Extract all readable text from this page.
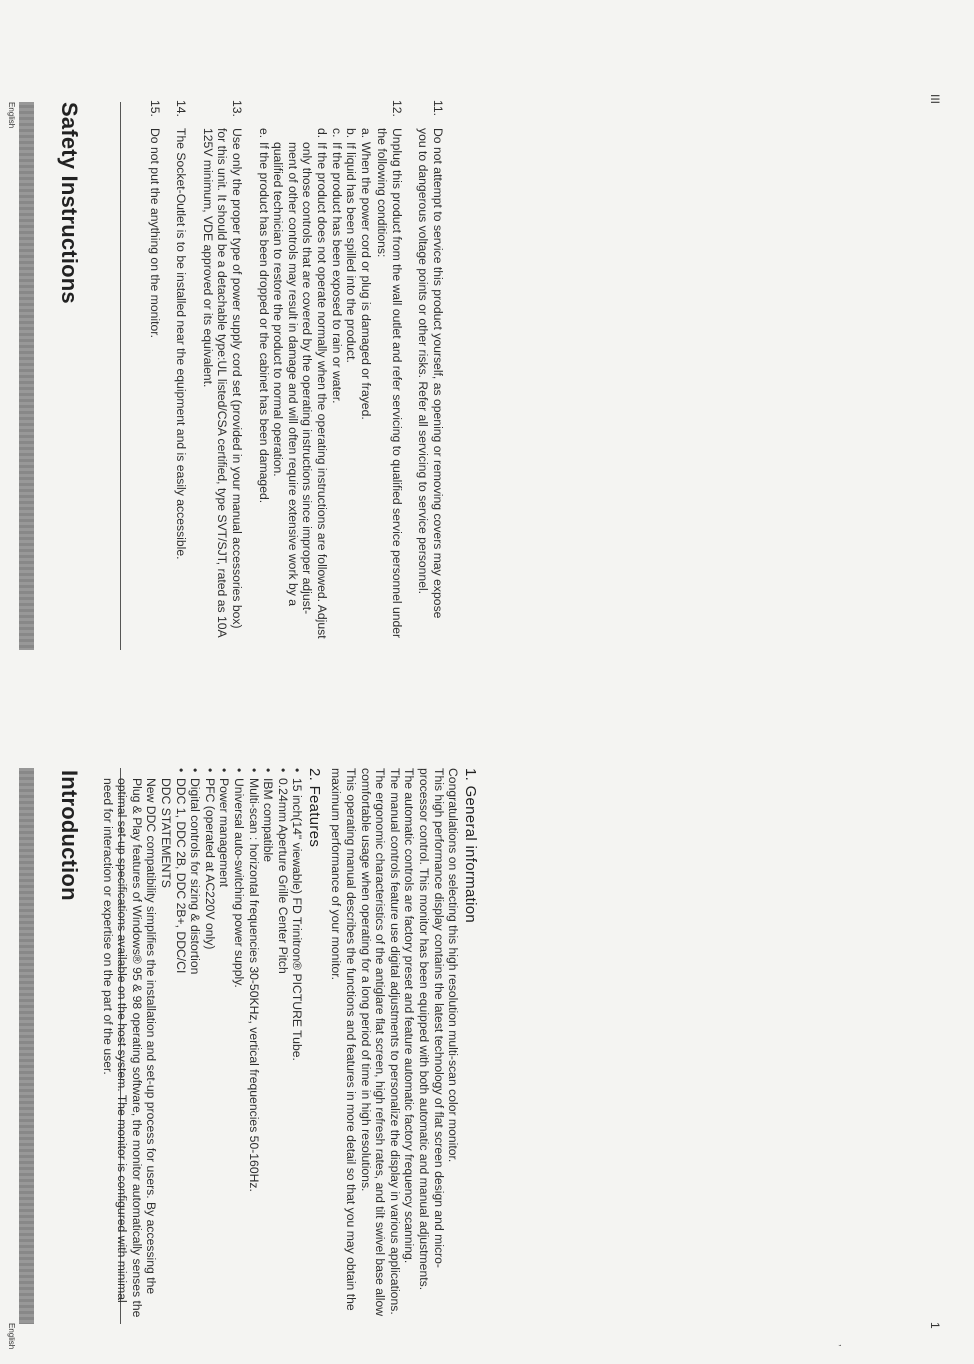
English Safety Instructions	11.
Do not attempt to service this product yourself, as opening or removing covers may expose you to dangerous voltage points or other risks. Refer all servicing to service personnel.
12.
Unplug this product from the wall outlet and refer servicing to qualified service personnel under the following conditions:
a.
When the power cord or plug is damaged or frayed.
b.
If liquid has been spilled into the product.
c.
If the product has been exposed to rain or water.
d.
If the product does not operate normally when the operating instructions are followed. Adjust only those controls that are covered by the operating instructions since improper adjust-ment of other controls may result in damage and will often require extensive work by a qualified technician to restore the product to normal operation.
e.
If the product has been dropped or the cabinet has been damaged.
13.
Use only the proper type of power supply cord set (provided in your manual accessories box) for this unit. It should be a detachable type:UL listed/CSA certified, type SVT/SJT, rated as 10A 125V minimum, VDE approved or its equivalent.
14.
The Socket-Outlet is to be installed near the equipment and is easily accessible.
15.
Do not put the anything on the monitor.
III
English
Introduction	1. General information
Congratulations on selecting this high resolution multi-scan color monitor.
This high performance display contains the latest technology of flat screen design and micro-processor control. This monitor has been equipped with both automatic and manual adjustments.
The automatic controls are factory preset and feature automatic factory frequency scanning.
The manual controls feature use digital adjustments to personalize the display in various applications.
The ergonomic characteristics of the antiglare flat screen, high refresh rates, and tilt swivel base allow comfortable usage when operating for a long period of time in high resolutions.
This operating manual describes the functions and features in more detail so that you may obtain the maximum performance of your monitor.
2. Features
•
15 inch(14" viewable) FD Trinitron® PICTURE Tube.
•
0.24mm Aperture Grille Center Pitch
•
IBM compatible
•
Multi-scan : horizontal frequencies 30-50KHz, vertical frequencies 50-160Hz.
•
Universal auto-switching power supply.
•
Power management
•
PFC (operated at AC220V only)
•
Digital controls for sizing & distortion
•
DDC 1, DDC 2B, DDC 2B+, DDC/CI
DDC STATEMENTS
New DDC compatibility simplifies the installation and set-up process for users. By accessing the Plug & Play features of Windows® 95 & 98 operating software, the monitor automatically senses the optimal set-up specifications available on the host system. The monitor is configured with minimal need for interaction or expertise on the part of the user.
1
,
